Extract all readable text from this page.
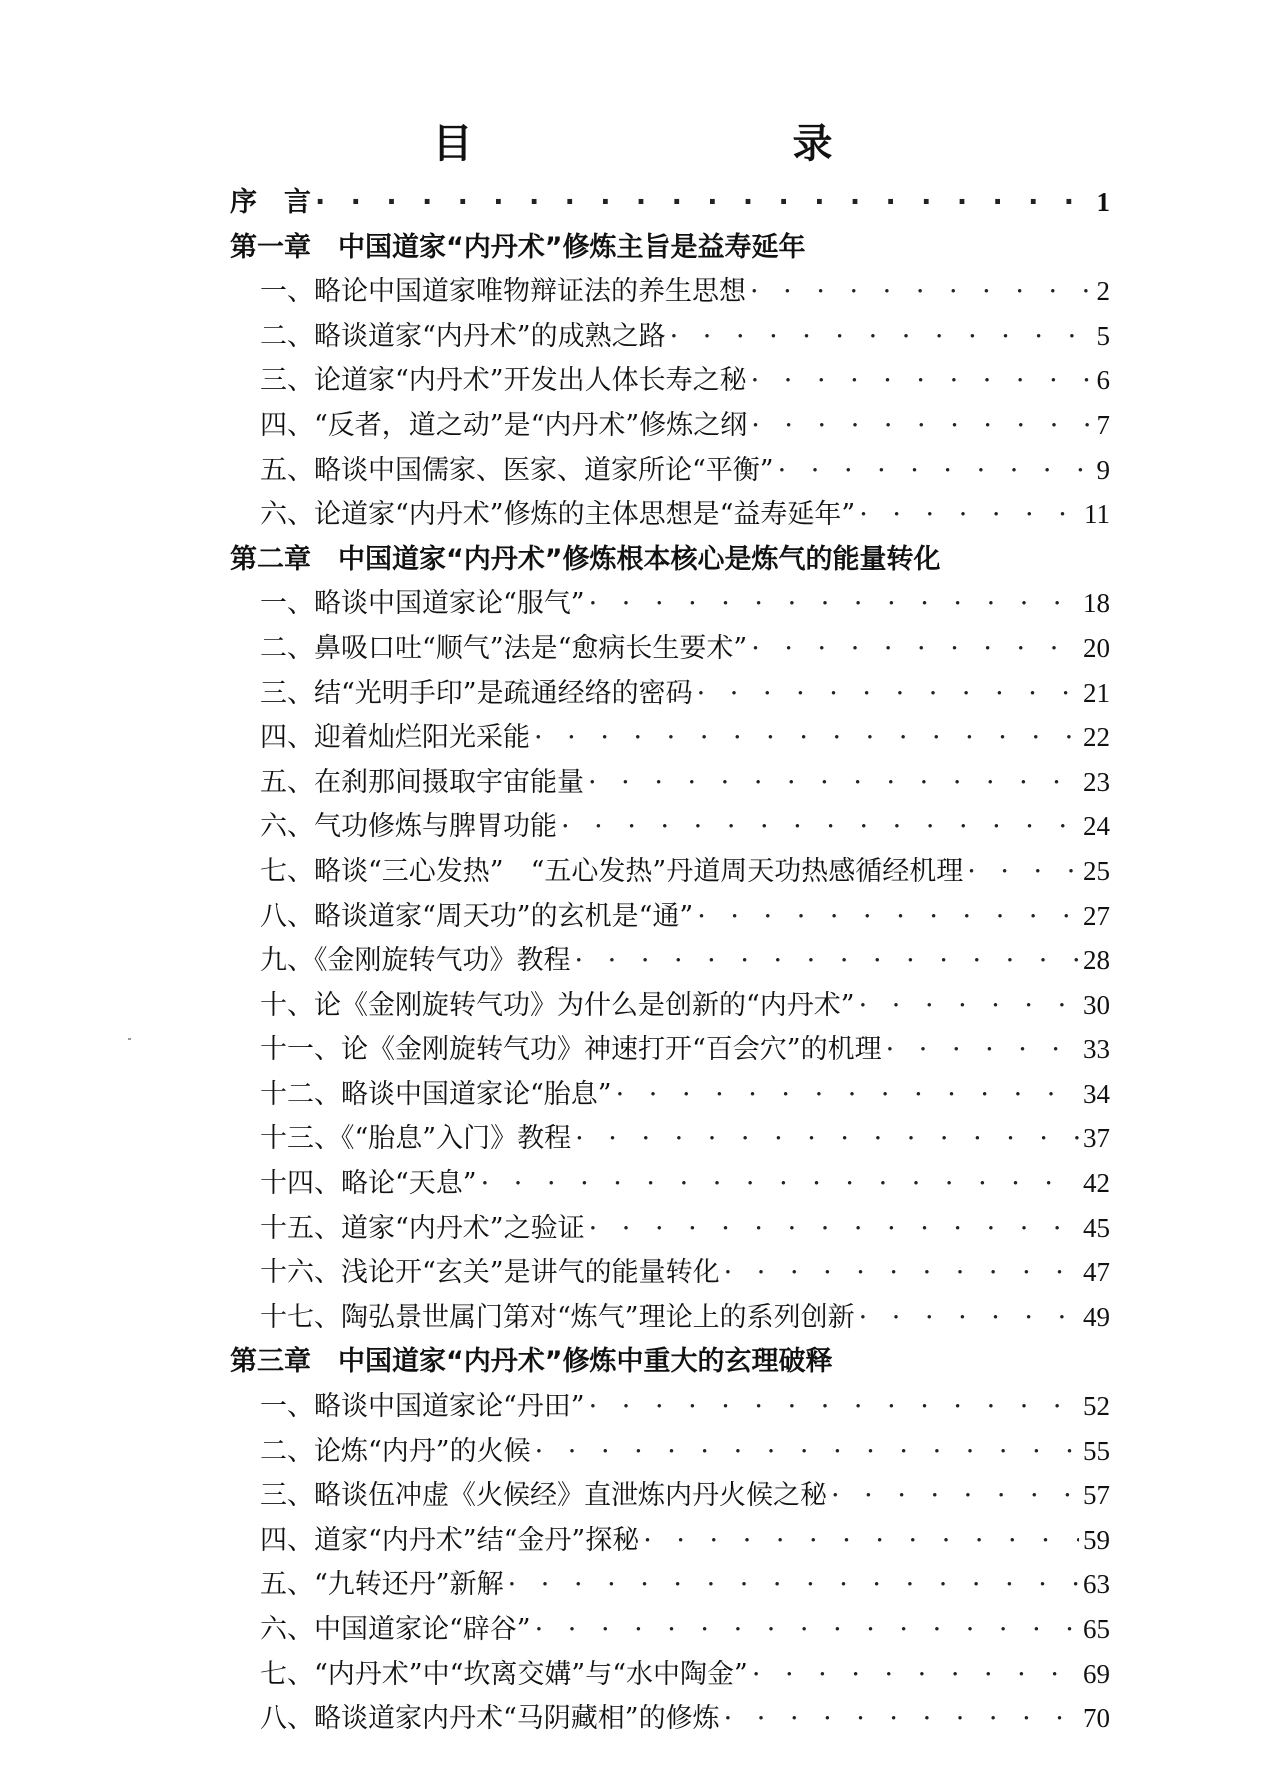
目　录
序　言 · · ·	1
第一章　中国道家“内丹术”修炼主旨是益寿延年
一、略论中国道家唯物辩证法的养生思想 · · ·	2
二、略谈道家“内丹术”的成熟之路 · · ·	5
三、论道家“内丹术”开发出人体长寿之秘 · · ·	6
四、“反者，道之动”是“内丹术”修炼之纲 · · ·	7
五、略谈中国儒家、医家、道家所论“平衡” · · ·	9
六、论道家“内丹术”修炼的主体思想是“益寿延年” · · ·	11
第二章　中国道家“内丹术”修炼根本核心是炼气的能量转化
一、略谈中国道家论“服气” · · ·	18
二、鼻吸口吐“顺气”法是“愈病长生要术” · · ·	20
三、结“光明手印”是疏通经络的密码 · · ·	21
四、迎着灿烂阳光采能 · · ·	22
五、在刹那间摄取宇宙能量 · · ·	23
六、气功修炼与脾胃功能 · · ·	24
七、略谈“三心发热”　“五心发热”丹道周天功热感循经机理 · · ·	25
八、略谈道家“周天功”的玄机是“通” · · ·	27
九、《金刚旋转气功》教程 · · ·	28
十、论《金刚旋转气功》为什么是创新的“内丹术” · · ·	30
十一、论《金刚旋转气功》神速打开“百会穴”的机理 · · ·	33
十二、略谈中国道家论“胎息” · · ·	34
十三、《“胎息”入门》教程 · · ·	37
十四、略论“天息” · · ·	42
十五、道家“内丹术”之验证 · · ·	45
十六、浅论开“玄关”是讲气的能量转化 · · ·	47
十七、陶弘景世属门第对“炼气”理论上的系列创新 · · ·	49
第三章　中国道家“内丹术”修炼中重大的玄理破释
一、略谈中国道家论“丹田” · · ·	52
二、论炼“内丹”的火候 · · ·	55
三、略谈伍冲虚《火候经》直泄炼内丹火候之秘 · · ·	57
四、道家“内丹术”结“金丹”探秘 · · ·	59
五、“九转还丹”新解 · · ·	63
六、中国道家论“辟谷” · · ·	65
七、“内丹术”中“坎离交媾”与“水中陶金” · · ·	69
八、略谈道家内丹术“马阴藏相”的修炼 · · ·	70
